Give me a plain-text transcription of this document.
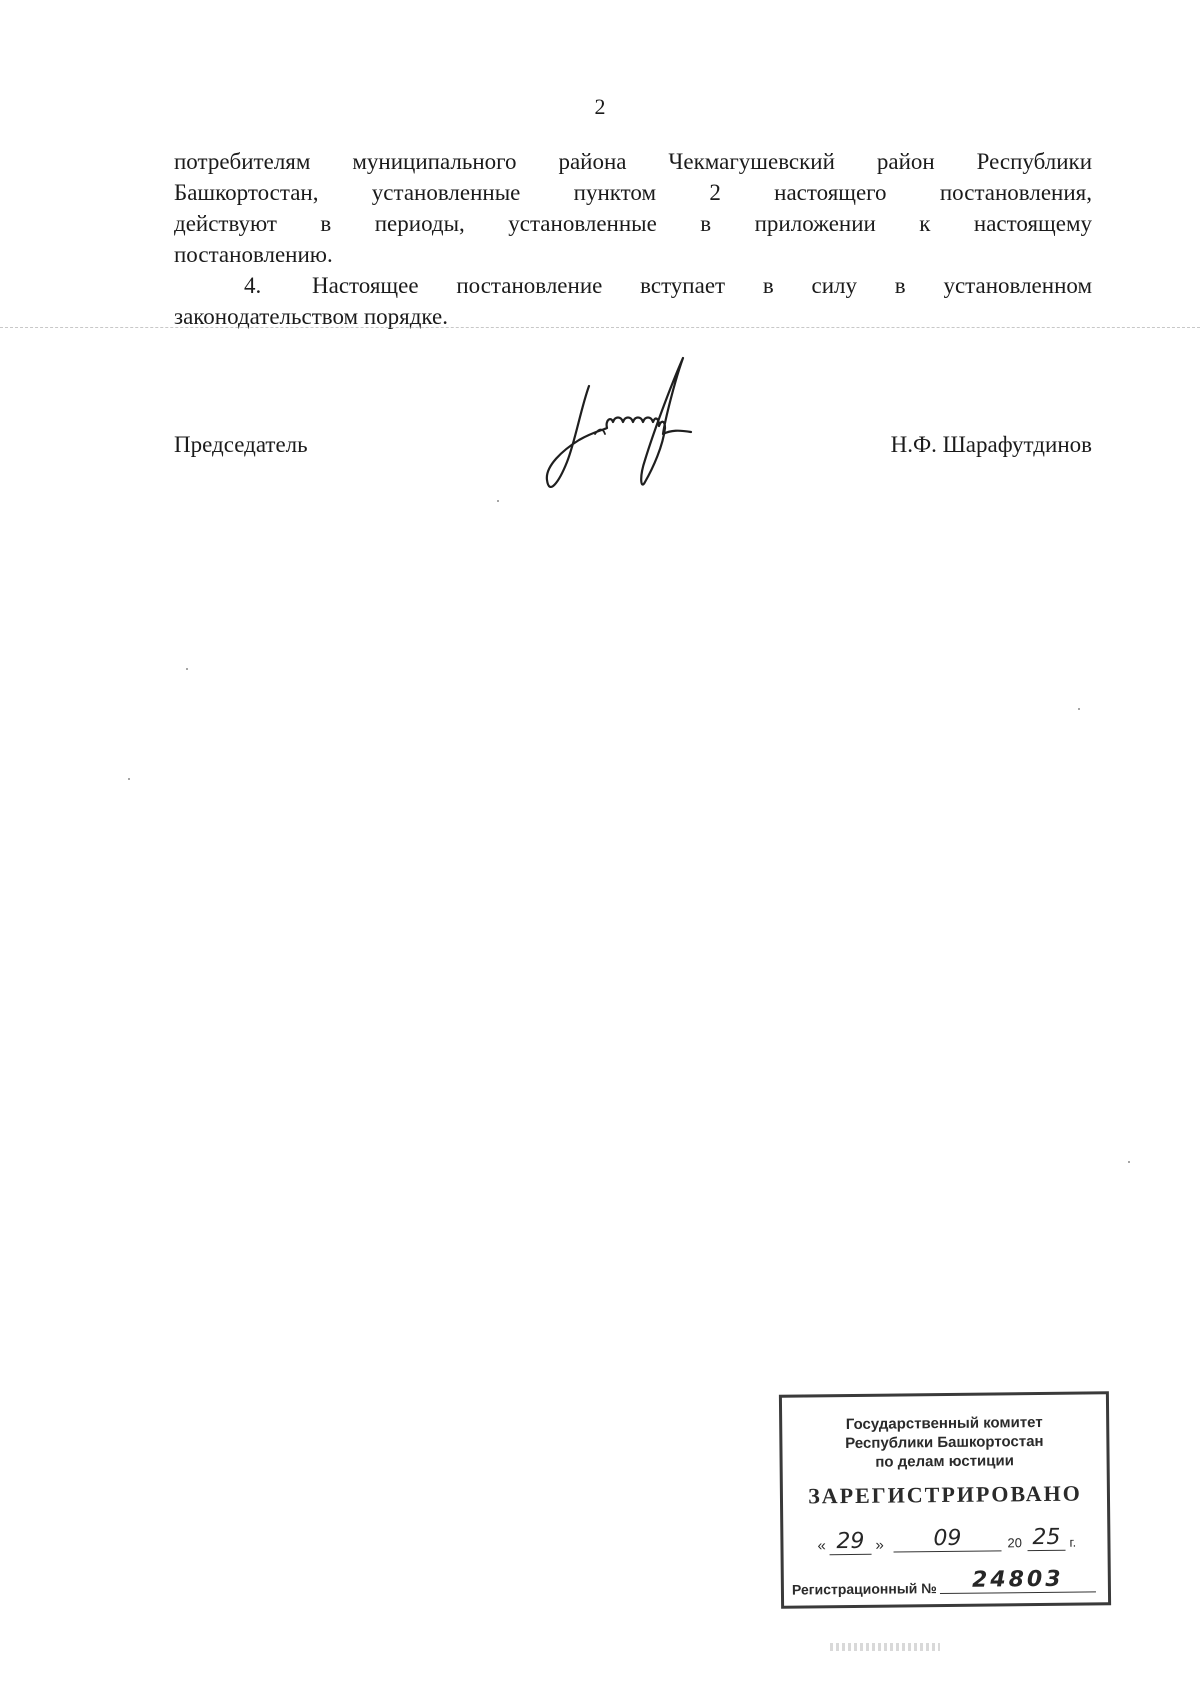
2
потребителям муниципального района Чекмагушевский район Республики
Башкортостан, установленные пунктом 2 настоящего постановления,
действуют в периоды, установленные в приложении к настоящему
постановлению.
4.	Настоящее постановление вступает в силу в установленном
законодательством порядке.
Председатель	Н.Ф. Шарафутдинов
Государственный комитет
Республики Башкортостан
по делам юстиции
ЗАРЕГИСТРИРОВАНО
« 29 »	09	20 25 г.
Регистрационный №	24803
